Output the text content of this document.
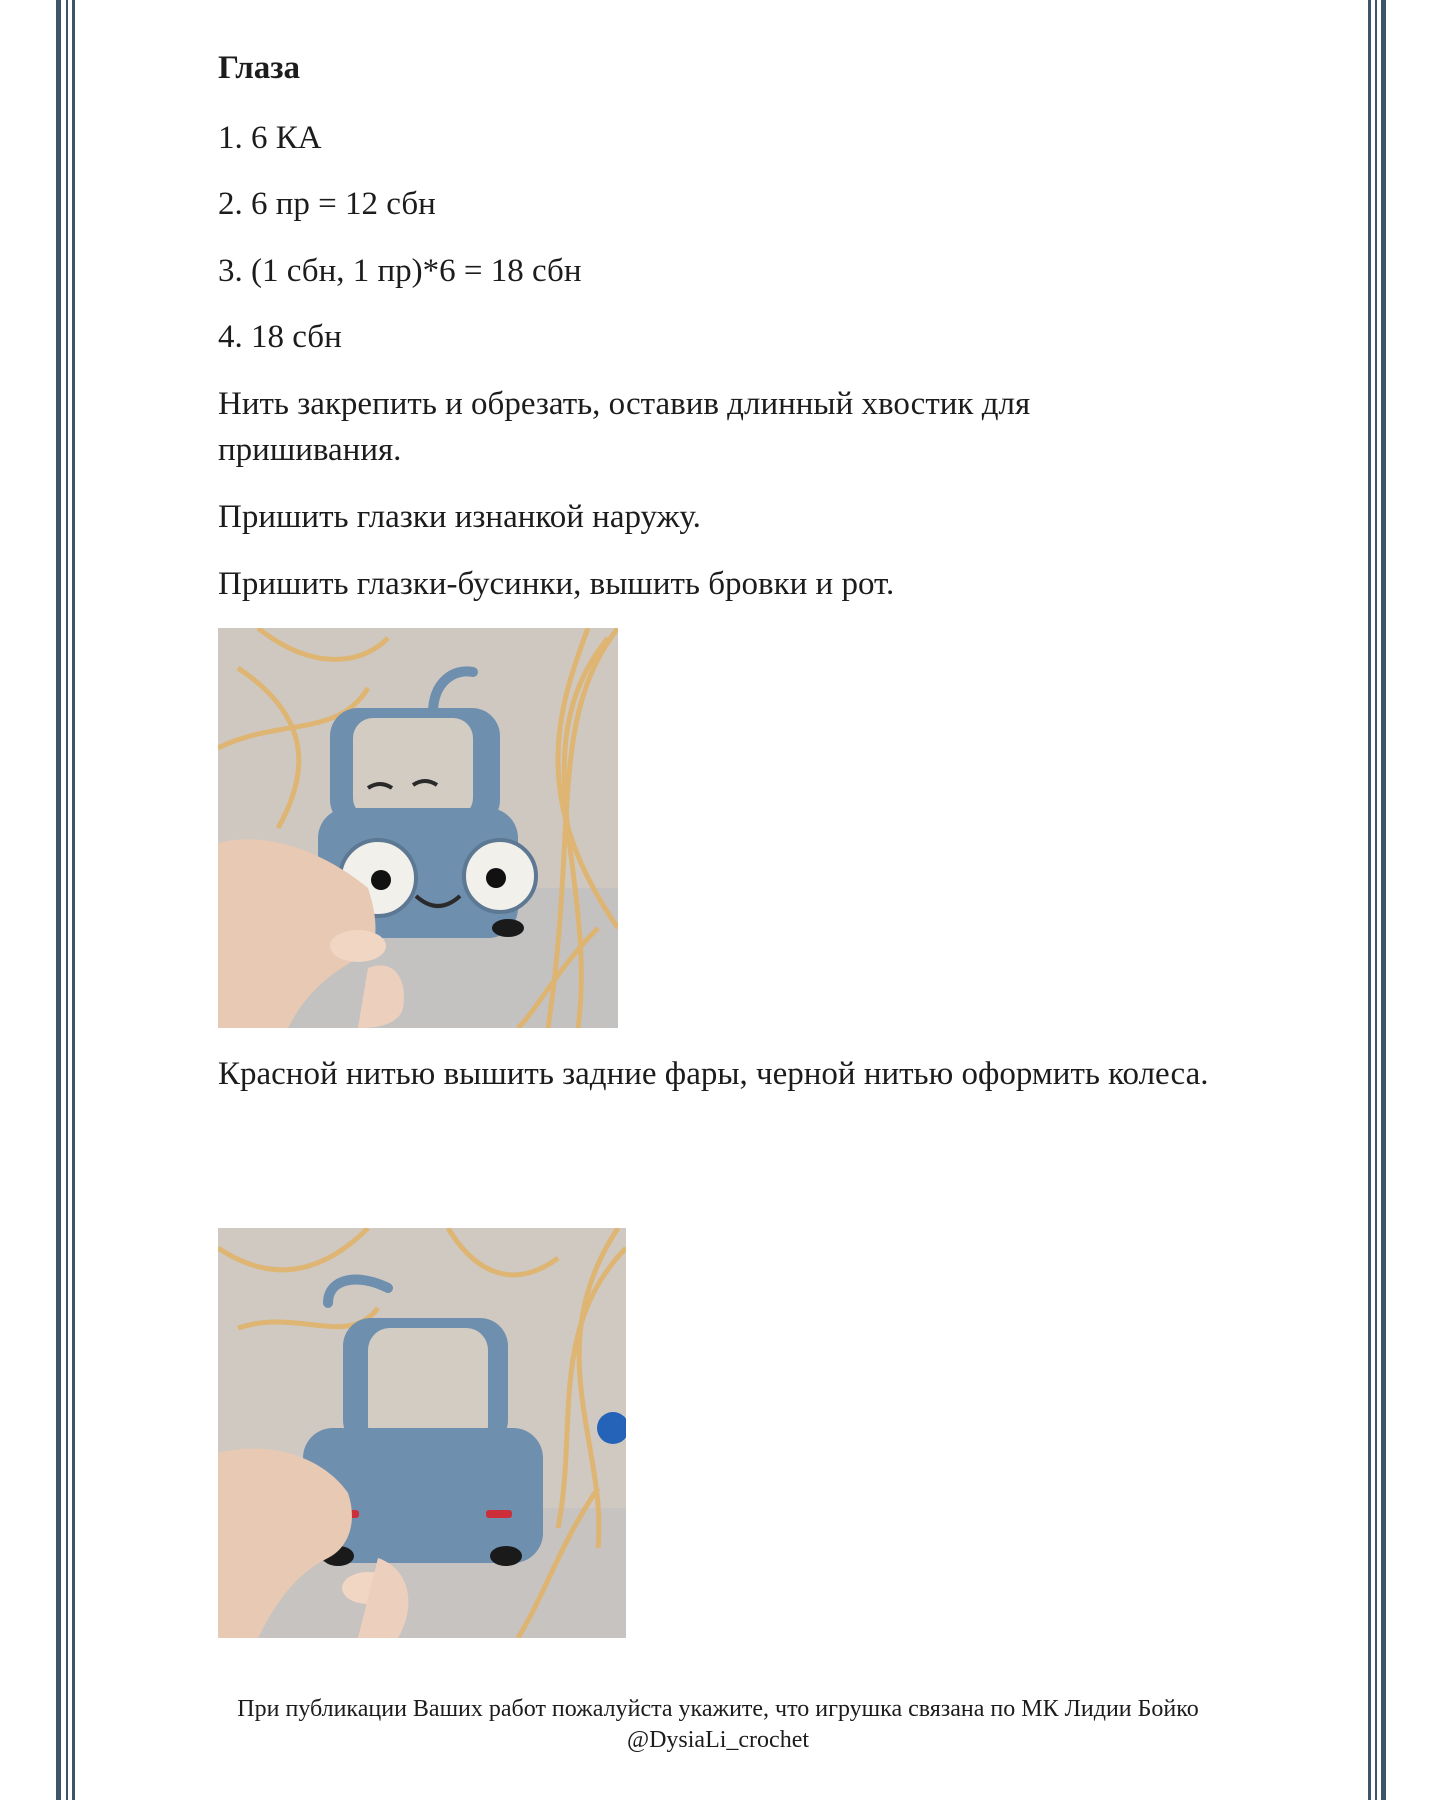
Глаза
1. 6 КА
2. 6 пр = 12 сбн
3. (1 сбн, 1 пр)*6 = 18 сбн
4. 18 сбн
Нить закрепить и обрезать, оставив длинный хвостик для пришивания.
Пришить глазки изнанкой наружу.
Пришить глазки-бусинки, вышить бровки и рот.
Красной нитью вышить задние фары, черной нитью оформить колеса.
При публикации Ваших работ пожалуйста укажите, что игрушка связана по МК Лидии Бойко @DysiaLi_crochet
